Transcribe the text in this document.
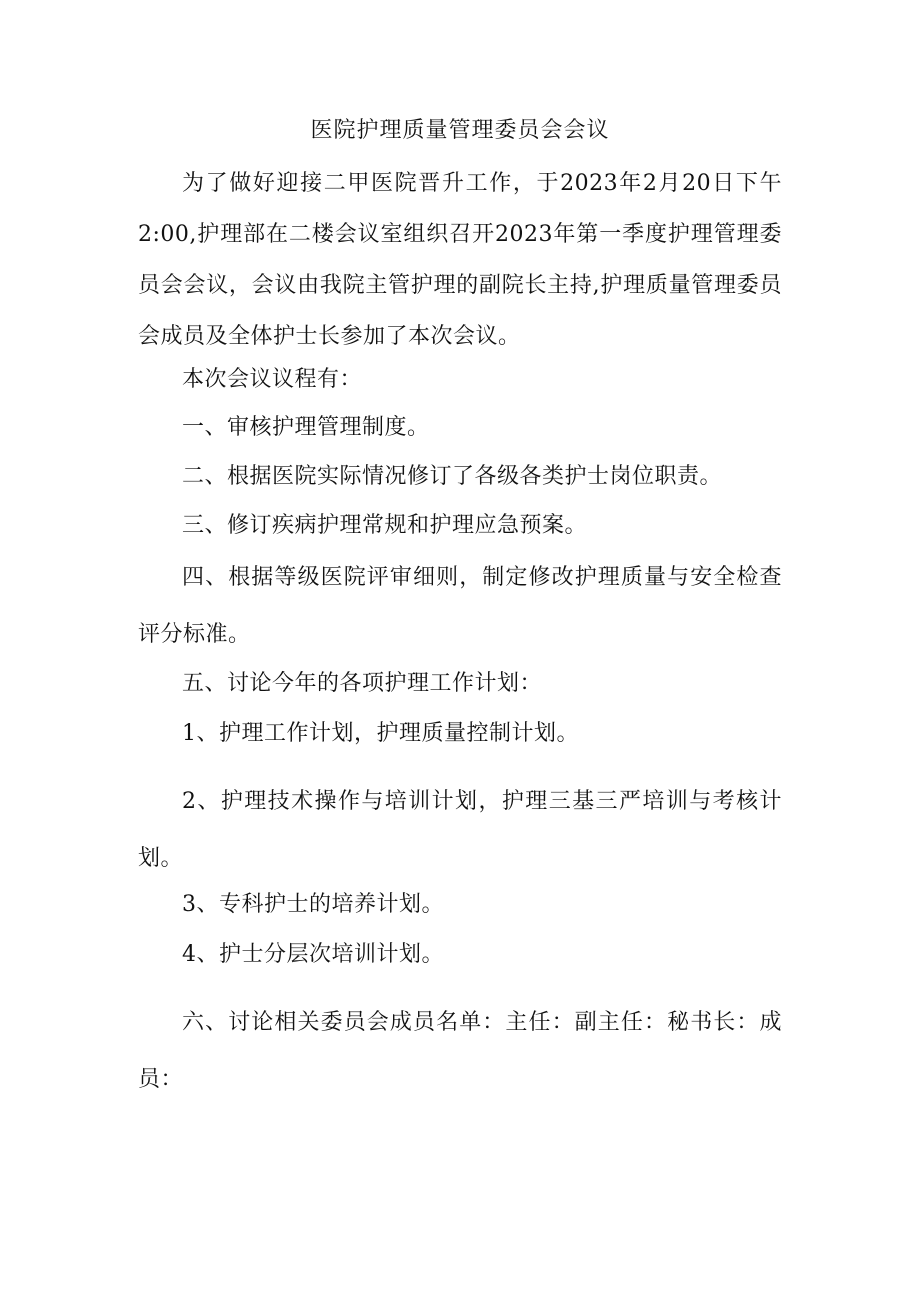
医院护理质量管理委员会会议
为了做好迎接二甲医院晋升工作，于2023年2月20日下午2:00,护理部在二楼会议室组织召开2023年第一季度护理管理委员会会议，会议由我院主管护理的副院长主持,护理质量管理委员会成员及全体护士长参加了本次会议。
本次会议议程有：
一、审核护理管理制度。
二、根据医院实际情况修订了各级各类护士岗位职责。
三、修订疾病护理常规和护理应急预案。
四、根据等级医院评审细则，制定修改护理质量与安全检查评分标准。
五、讨论今年的各项护理工作计划：
1、护理工作计划，护理质量控制计划。
2、护理技术操作与培训计划，护理三基三严培训与考核计划。
3、专科护士的培养计划。
4、护士分层次培训计划。
六、讨论相关委员会成员名单：主任：副主任：秘书长：成员：
